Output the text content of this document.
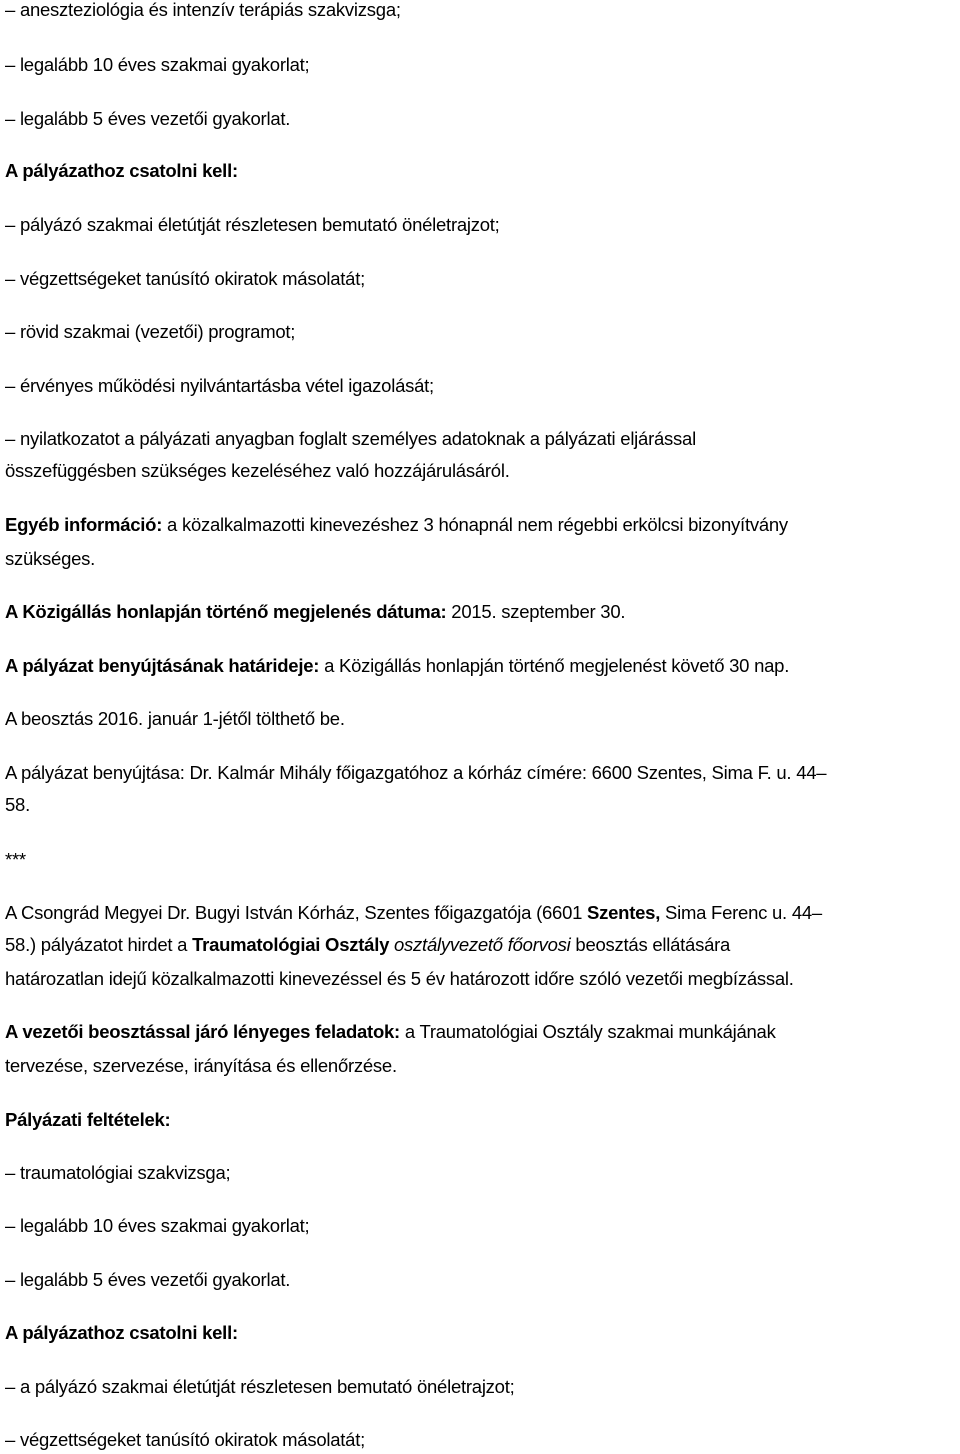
– aneszteziológia és intenzív terápiás szakvizsga;
– legalább 10 éves szakmai gyakorlat;
– legalább 5 éves vezetői gyakorlat.
A pályázathoz csatolni kell:
– pályázó szakmai életútját részletesen bemutató önéletrajzot;
– végzettségeket tanúsító okiratok másolatát;
– rövid szakmai (vezetői) programot;
– érvényes működési nyilvántartásba vétel igazolását;
– nyilatkozatot a pályázati anyagban foglalt személyes adatoknak a pályázati eljárással
összefüggésben szükséges kezeléséhez való hozzájárulásáról.
Egyéb információ: a közalkalmazotti kinevezéshez 3 hónapnál nem régebbi erkölcsi bizonyítvány
szükséges.
A Közigállás honlapján történő megjelenés dátuma: 2015. szeptember 30.
A pályázat benyújtásának határideje: a Közigállás honlapján történő megjelenést követő 30 nap.
A beosztás 2016. január 1-jétől tölthető be.
A pályázat benyújtása: Dr. Kalmár Mihály főigazgatóhoz a kórház címére: 6600 Szentes, Sima F. u. 44–
58.
***
A Csongrád Megyei Dr. Bugyi István Kórház, Szentes főigazgatója (6601 Szentes, Sima Ferenc u. 44–
58.) pályázatot hirdet a Traumatológiai Osztály osztályvezető főorvosi beosztás ellátására
határozatlan idejű közalkalmazotti kinevezéssel és 5 év határozott időre szóló vezetői megbízással.
A vezetői beosztással járó lényeges feladatok: a Traumatológiai Osztály szakmai munkájának
tervezése, szervezése, irányítása és ellenőrzése.
Pályázati feltételek:
– traumatológiai szakvizsga;
– legalább 10 éves szakmai gyakorlat;
– legalább 5 éves vezetői gyakorlat.
A pályázathoz csatolni kell:
– a pályázó szakmai életútját részletesen bemutató önéletrajzot;
– végzettségeket tanúsító okiratok másolatát;
